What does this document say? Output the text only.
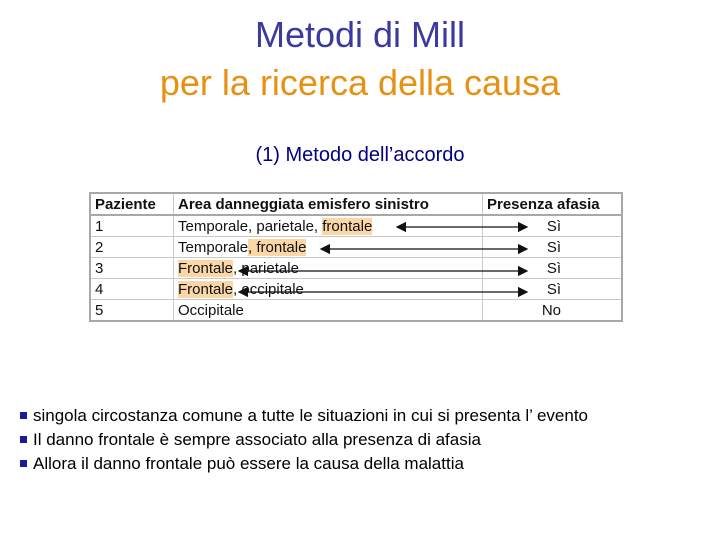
Metodi di Mill
per la ricerca della causa
(1) Metodo dell’accordo
Paziente	Area danneggiata emisfero sinistro	Presenza afasia
1	Temporale, parietale, frontale	Sì
2	Temporale, frontale	Sì
3	Frontale, parietale	Sì
4	Frontale, occipitale	Sì
5	Occipitale	No
singola circostanza comune a tutte le situazioni in cui si presenta l’ evento
Il danno frontale è sempre associato alla presenza di afasia
Allora il danno frontale può essere la causa della malattia
